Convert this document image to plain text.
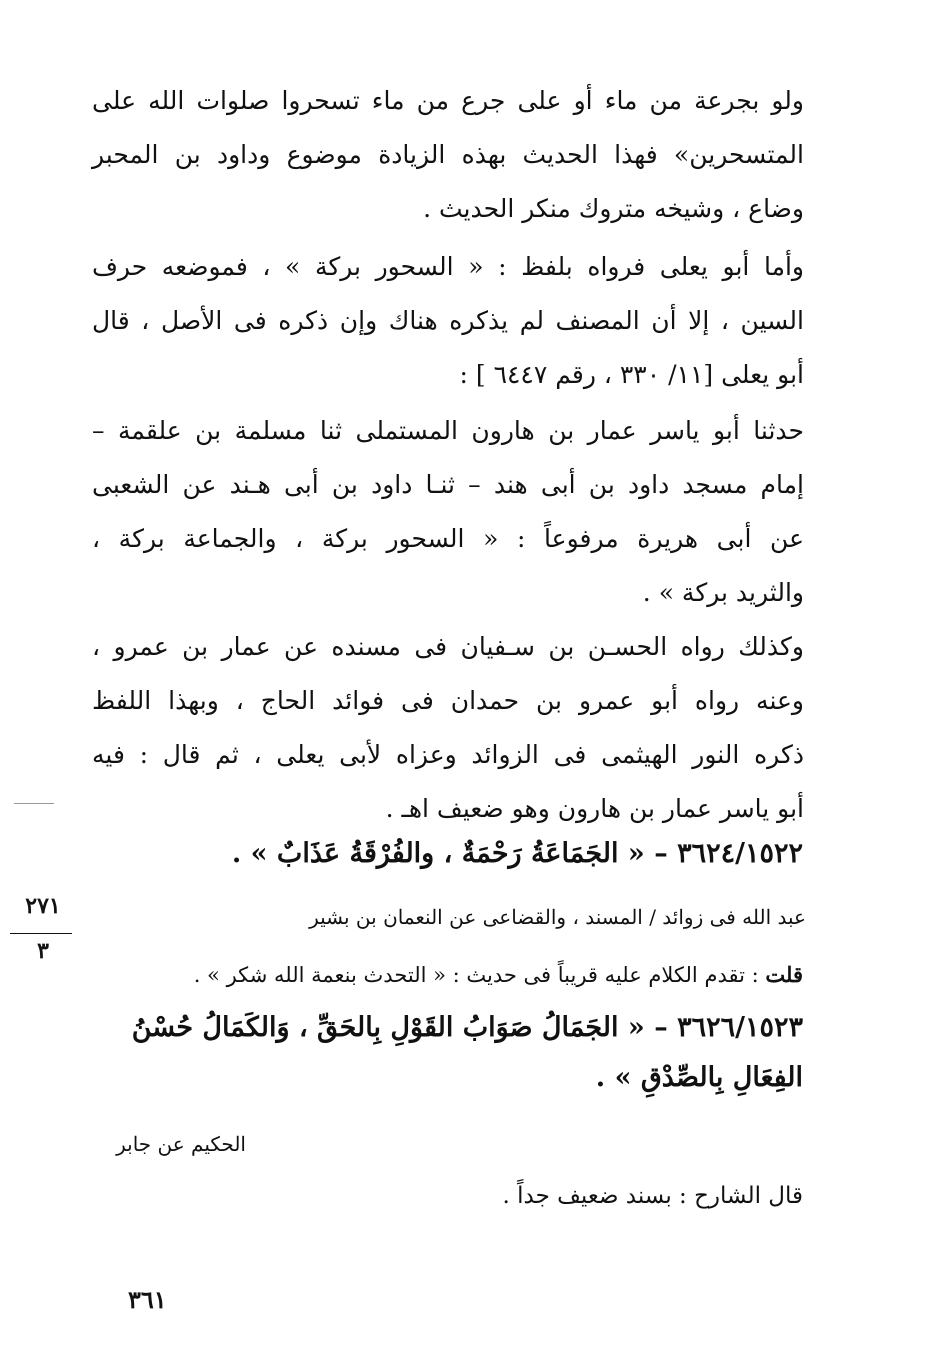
ولو بجرعة من ماء أو على جرع من ماء تسحروا صلوات الله على
المتسحرين» فهذا الحديث بهذه الزيادة موضوع وداود بن المحبر
وضاع ، وشيخه متروك منكر الحديث .
وأما أبو يعلى فرواه بلفظ : « السحور بركة » ، فموضعه حرف
السين ، إلا أن المصنف لم يذكره هناك وإن ذكره فى الأصل ، قال
أبو يعلى [١١/ ٣٣٠ ، رقم ٦٤٤٧ ] :
حدثنا أبو ياسر عمار بن هارون المستملى ثنا مسلمة بن علقمة –
إمام مسجد داود بن أبى هند – ثنـا داود بن أبى هـند عن الشعبى
عن أبى هريرة مرفوعاً : « السحور بركة ، والجماعة بركة ،
والثريد بركة » .
وكذلك رواه الحسـن بن سـفيان فى مسنده عن عمار بن عمرو ،
وعنه رواه أبو عمرو بن حمدان فى فوائد الحاج ، وبهذا اللفظ
ذكره النور الهيثمى فى الزوائد وعزاه لأبى يعلى ، ثم قال : فيه
أبو ياسر عمار بن هارون وهو ضعيف اهـ .
٣٦٢٤/١٥٢٢ – « الجَمَاعَةُ رَحْمَةٌ ، والفُرْقَةُ عَذَابٌ » .
٢٧١
٣
عبد الله فى زوائد / المسند ، والقضاعى عن النعمان بن بشير
قلت : تقدم الكلام عليه قريباً فى حديث : « التحدث بنعمة الله شكر » .
٣٦٢٦/١٥٢٣ – « الجَمَالُ صَوَابُ القَوْلِ بِالحَقِّ ، وَالكَمَالُ حُسْنُ
الفِعَالِ بِالصِّدْقِ » .
الحكيم عن جابر
قال الشارح : بسند ضعيف جداً .
٣٦١
